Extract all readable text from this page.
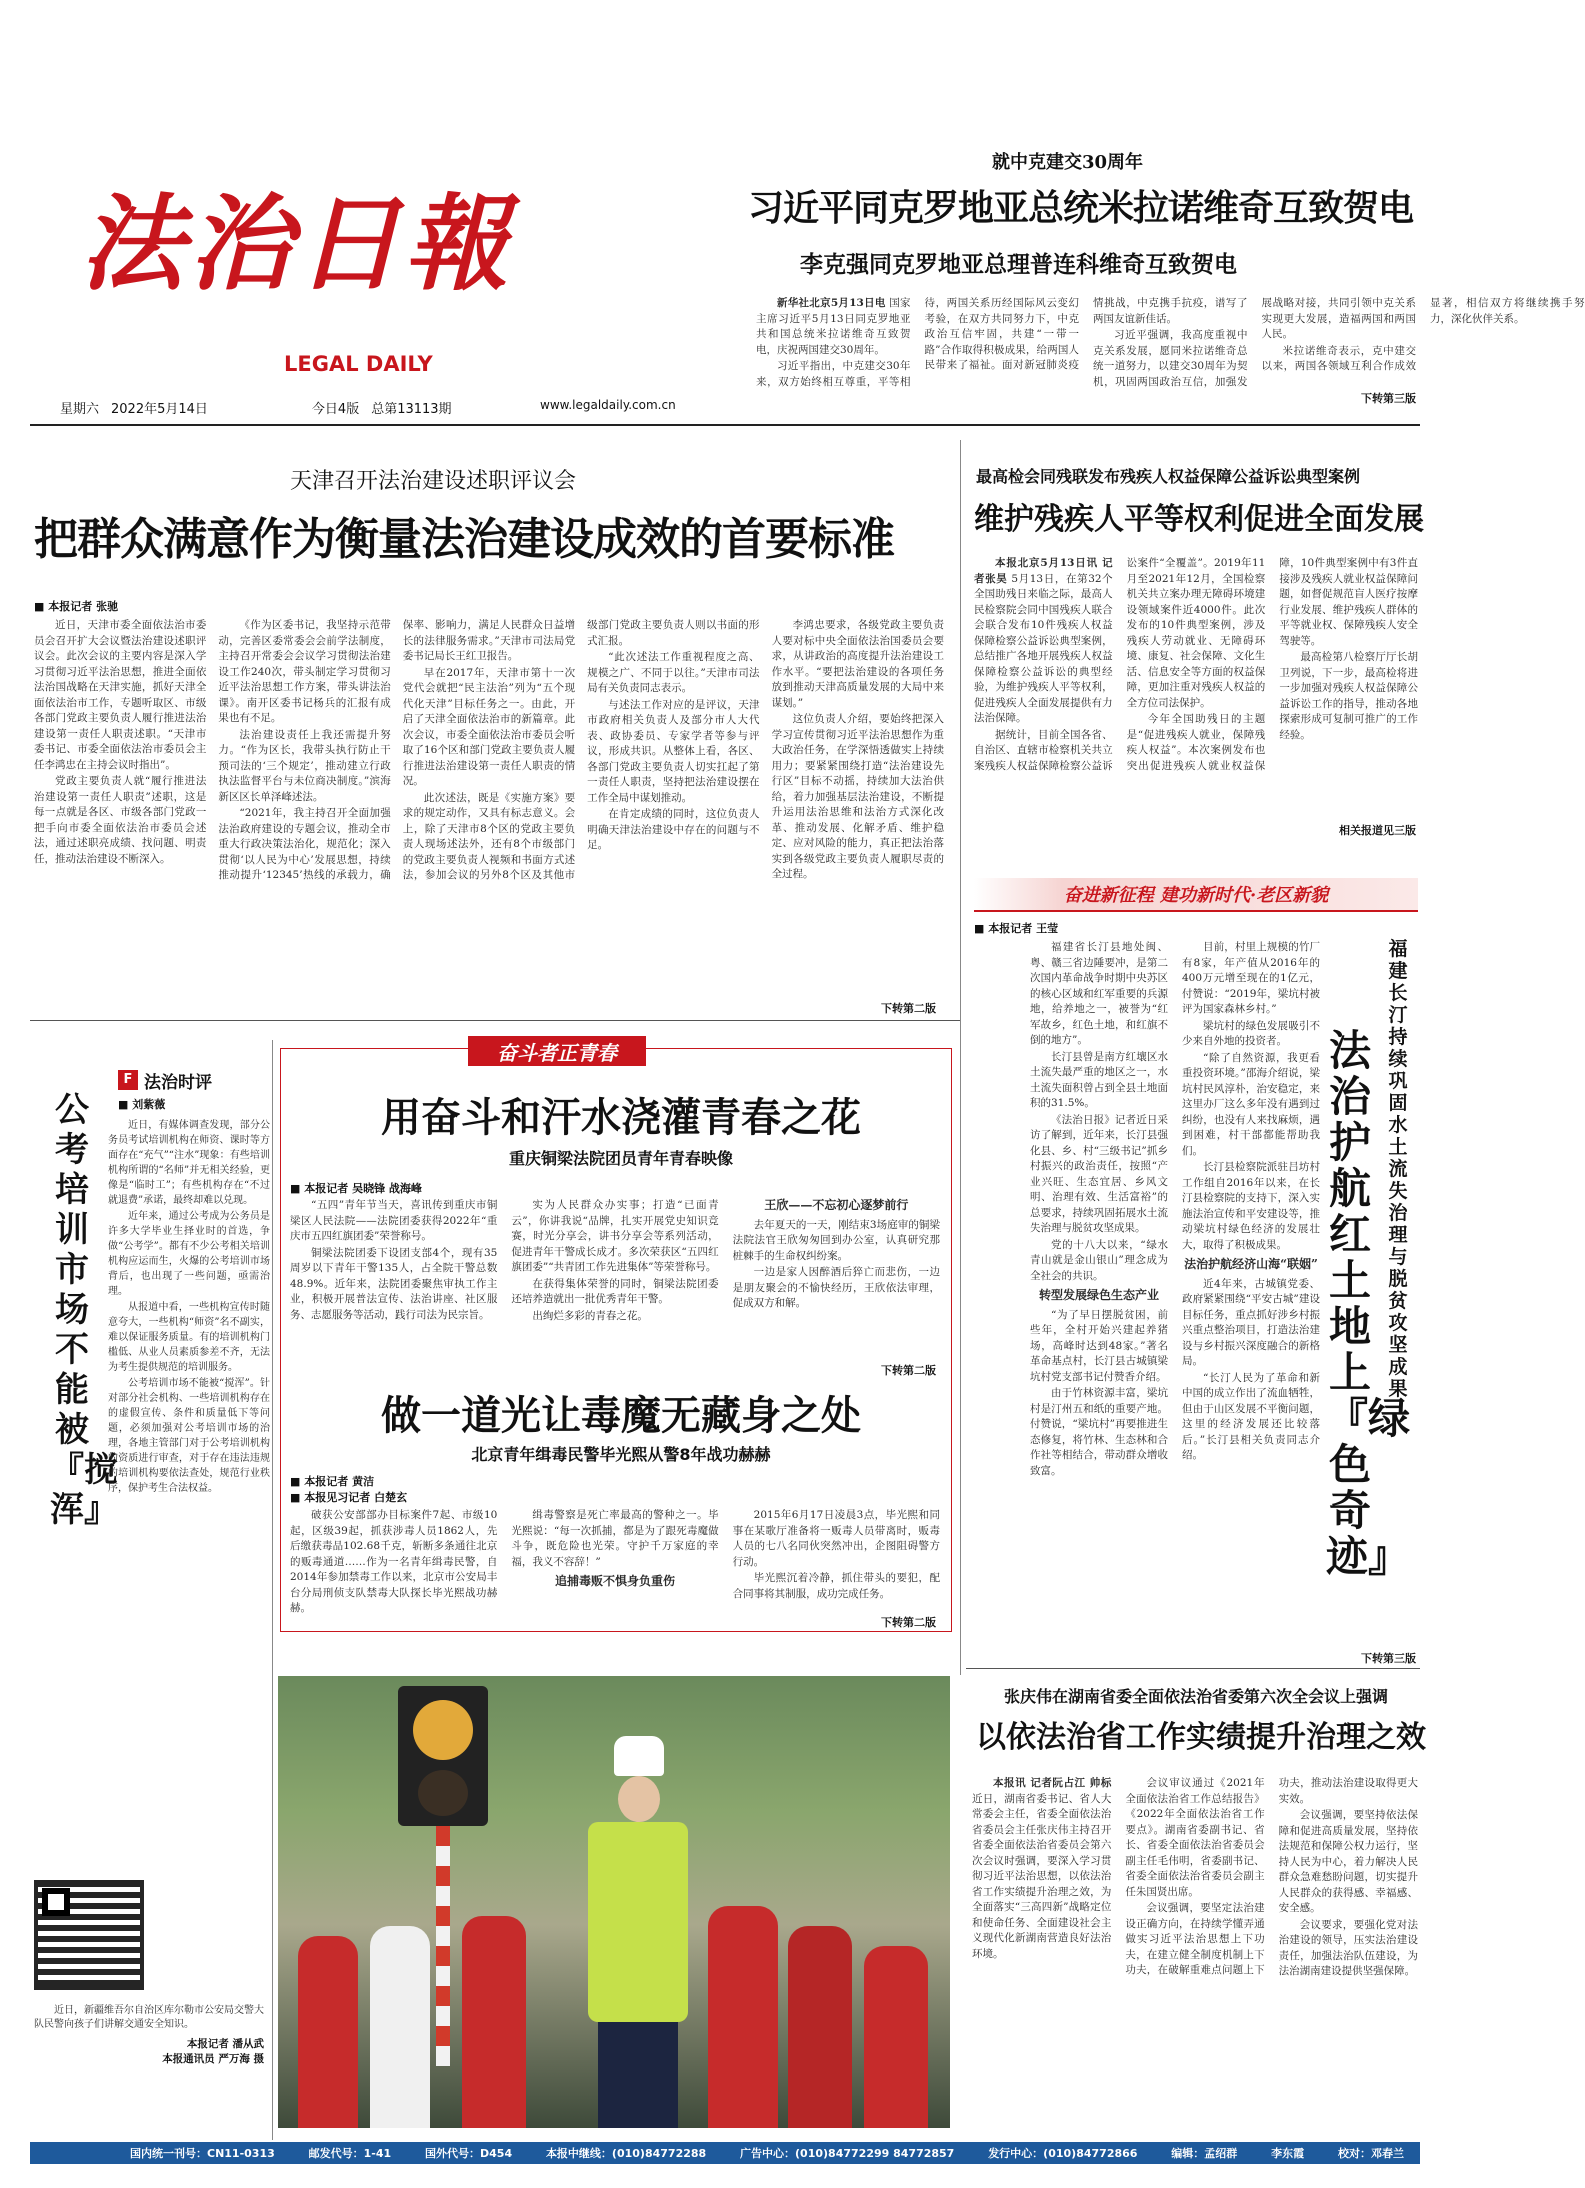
法治日報
LEGAL DAILY
星期六 2022年5月14日	今日4版 总第13113期	www.legaldaily.com.cn
就中克建交30周年
习近平同克罗地亚总统米拉诺维奇互致贺电
李克强同克罗地亚总理普连科维奇互致贺电

新华社北京5月13日电 国家主席习近平5月13日同克罗地亚共和国总统米拉诺维奇互致贺电，庆祝两国建交30周年。

习近平指出，中克建交30年来，双方始终相互尊重，平等相待，两国关系历经国际风云变幻考验，在双方共同努力下，中克政治互信牢固，共建“一带一路”合作取得积极成果，给两国人民带来了福祉。面对新冠肺炎疫情挑战，中克携手抗疫，谱写了两国友谊新佳话。

习近平强调，我高度重视中克关系发展，愿同米拉诺维奇总统一道努力，以建交30周年为契机，巩固两国政治互信，加强发展战略对接，共同引领中克关系实现更大发展，造福两国和两国人民。

米拉诺维奇表示，克中建交以来，两国各领域互利合作成效显著，相信双方将继续携手努力，深化伙伴关系。

下转第三版
天津召开法治建设述职评议会
把群众满意作为衡量法治建设成效的首要标准
■ 本报记者 张驰

近日，天津市委全面依法治市委员会召开扩大会议暨法治建设述职评议会。此次会议的主要内容是深入学习贯彻习近平法治思想，推进全面依法治国战略在天津实施，抓好天津全面依法治市工作，专题听取区、市级各部门党政主要负责人履行推进法治建设第一责任人职责述职。“天津市委书记、市委全面依法治市委员会主任李鸿忠在主持会议时指出”。

党政主要负责人就“履行推进法治建设第一责任人职责”述职，这是每一点就是各区、市级各部门党政一把手向市委全面依法治市委员会述法，通过述职亮成绩、找问题、明责任，推动法治建设不断深入。

《作为区委书记，我坚持示范带动，完善区委常委会会前学法制度，主持召开常委会会议学习贯彻法治建设工作240次，带头制定学习贯彻习近平法治思想工作方案，带头讲法治课》。南开区委书记杨兵的汇报有成果也有不足。

法治建设责任上我还需提升努力。“作为区长，我带头执行防止干预司法的‘三个规定’，推动建立行政执法监督平台与未位商决制度。”滨海新区区长单泽峰述法。

“2021年，我主持召开全面加强法治政府建设的专题会议，推动全市重大行政决策法治化，规范化；深入贯彻‘以人民为中心’发展思想，持续推动提升‘12345’热线的承载力，确保率、影响力，满足人民群众日益增长的法律服务需求。”天津市司法局党委书记局长王红卫报告。

早在2017年，天津市第十一次党代会就把“民主法治”列为“五个现代化天津”目标任务之一。由此，开启了天津全面依法治市的新篇章。此次会议，市委全面依法治市委员会听取了16个区和部门党政主要负责人履行推进法治建设第一责任人职责的情况。

此次述法，既是《实施方案》要求的规定动作，又具有标志意义。会上，除了天津市8个区的党政主要负责人现场述法外，还有8个市级部门的党政主要负责人视频和书面方式述法，参加会议的另外8个区及其他市级部门党政主要负责人则以书面的形式汇报。

“此次述法工作重视程度之高、规模之广、不同于以往。”天津市司法局有关负责同志表示。

与述法工作对应的是评议，天津市政府相关负责人及部分市人大代表、政协委员、专家学者等参与评议，形成共识。从整体上看，各区、各部门党政主要负责人切实扛起了第一责任人职责，坚持把法治建设摆在工作全局中谋划推动。

在肯定成绩的同时，这位负责人明确天津法治建设中存在的问题与不足。

李鸿忠要求，各级党政主要负责人要对标中央全面依法治国委员会要求，从讲政治的高度提升法治建设工作水平。“要把法治建设的各项任务放到推动天津高质量发展的大局中来谋划。”

这位负责人介绍，要始终把深入学习宣传贯彻习近平法治思想作为重大政治任务，在学深悟透做实上持续用力；要紧紧围绕打造“法治建设先行区”目标不动摇，持续加大法治供给，着力加强基层法治建设，不断提升运用法治思维和法治方式深化改革、推动发展、化解矛盾、维护稳定、应对风险的能力，真正把法治落实到各级党政主要负责人履职尽责的全过程。

下转第二版
最高检会同残联发布残疾人权益保障公益诉讼典型案例
维护残疾人平等权利促进全面发展

本报北京5月13日讯 记者张昊 5月13日，在第32个全国助残日来临之际，最高人民检察院会同中国残疾人联合会联合发布10件残疾人权益保障检察公益诉讼典型案例，总结推广各地开展残疾人权益保障检察公益诉讼的典型经验，为维护残疾人平等权利，促进残疾人全面发展提供有力法治保障。

据统计，目前全国各省、自治区、直辖市检察机关共立案残疾人权益保障检察公益诉讼案件“全覆盖”。2019年11月至2021年12月，全国检察机关共立案办理无障碍环境建设领域案件近4000件。此次发布的10件典型案例，涉及残疾人劳动就业、无障碍环境、康复、社会保障、文化生活、信息安全等方面的权益保障，更加注重对残疾人权益的全方位司法保护。

今年全国助残日的主题是“促进残疾人就业，保障残疾人权益”。本次案例发布也突出促进残疾人就业权益保障，10件典型案例中有3件直接涉及残疾人就业权益保障问题，如督促规范盲人医疗按摩行业发展、维护残疾人群体的平等就业权、保障残疾人安全驾驶等。

最高检第八检察厅厅长胡卫列说，下一步，最高检将进一步加强对残疾人权益保障公益诉讼工作的指导，推动各地探索形成可复制可推广的工作经验。

相关报道见三版
奋进新征程 建功新时代·老区新貌
■ 本报记者 王莹

福建省长汀县地处闽、粤、赣三省边陲要冲，是第二次国内革命战争时期中央苏区的核心区域和红军重要的兵源地，给养地之一，被誉为“红军故乡，红色土地，和红旗不倒的地方”。

长汀县曾是南方红壤区水土流失最严重的地区之一，水土流失面积曾占到全县土地面积的31.5%。

《法治日报》记者近日采访了解到，近年来，长汀县强化县、乡、村“三级书记”抓乡村振兴的政治责任，按照“产业兴旺、生态宜居、乡风文明、治理有效、生活富裕”的总要求，持续巩固拓展水土流失治理与脱贫攻坚成果。

党的十八大以来，“绿水青山就是金山银山”理念成为全社会的共识。

转型发展绿色生态产业

“为了早日摆脱贫困，前些年，全村开始兴建起养猪场，高峰时达到48家。”著名革命基点村，长汀县古城镇梁坑村党支部书记付赞香介绍。

由于竹林资源丰富，梁坑村是汀州五和纸的重要产地。付赞说，“梁坑村”再要推进生态修复，将竹林、生态林和合作社等相结合，带动群众增收致富。

目前，村里上规模的竹厂有8家，年产值从2016年的400万元增至现在的1亿元，付赞说：“2019年，梁坑村被评为国家森林乡村。”

梁坑村的绿色发展吸引不少来自外地的投资者。

“除了自然资源，我更看重投资环境。”邵海介绍说，梁坑村民风淳朴，治安稳定，来这里办厂这么多年没有遇到过纠纷，也没有人来找麻烦，遇到困难，村干部都能帮助我们。

长汀县检察院派驻吕坊村工作组自2016年以来，在长汀县检察院的支持下，深入实施法治宣传和平安建设等，推动梁坑村绿色经济的发展壮大，取得了积极成果。

法治护航经济山海“联姻”

近4年来，古城镇党委、政府紧紧围绕“平安古城”建设目标任务，重点抓好涉乡村振兴重点整治项目，打造法治建设与乡村振兴深度融合的新格局。

“长汀人民为了革命和新中国的成立作出了流血牺牲，但由于山区发展不平衡问题，这里的经济发展还比较落后。”长汀县相关负责同志介绍。

法治护航红土地上『绿色奇迹』
福建长汀持续巩固水土流失治理与脱贫攻坚成果
下转第三版
F 法治时评
■ 刘紫薇
公考培训市场不能被『搅浑』

近日，有媒体调查发现，部分公务员考试培训机构在师资、课时等方面存在“充气”“注水”现象：有些培训机构所谓的“名师”并无相关经验，更像是“临时工”；有些机构存在“不过就退费”承诺，最终却难以兑现。

近年来，通过公考成为公务员是许多大学毕业生择业时的首选，争做“公考学”。都有不少公考相关培训机构应运而生，火爆的公考培训市场背后，也出现了一些问题，亟需治理。

从报道中看，一些机构宣传时随意夸大，一些机构“师资”名不副实，难以保证服务质量。有的培训机构门槛低、从业人员素质参差不齐，无法为考生提供规范的培训服务。

公考培训市场不能被“搅浑”。针对部分社会机构、一些培训机构存在的虚假宣传、条件和质量低下等问题，必须加强对公考培训市场的治理，各地主管部门对于公考培训机构的资质进行审查，对于存在违法违规的培训机构要依法查处，规范行业秩序，保护考生合法权益。

近日，新疆维吾尔自治区库尔勒市公安局交警大队民警向孩子们讲解交通安全知识。

本报记者 潘从武
本报通讯员 严万海 摄
奋斗者正青春
用奋斗和汗水浇灌青春之花
重庆铜梁法院团员青年青春映像
■ 本报记者 吴晓锋 战海峰

“五四”青年节当天，喜讯传到重庆市铜梁区人民法院——法院团委获得2022年“重庆市五四红旗团委”荣誉称号。

铜梁法院团委下设团支部4个，现有35周岁以下青年干警135人，占全院干警总数48.9%。近年来，法院团委聚焦审执工作主业，积极开展普法宣传、法治讲座、社区服务、志愿服务等活动，践行司法为民宗旨。

实为人民群众办实事；打造“已面青云”，你讲我说“品牌，扎实开展党史知识竞赛，时光分享会，讲书分享会等系列活动，促进青年干警成长成才。多次荣获区“五四红旗团委”“共青团工作先进集体”等荣誉称号。

在获得集体荣誉的同时，铜梁法院团委还培养造就出一批优秀青年干警。

出绚烂多彩的青春之花。

王欣——不忘初心逐梦前行

去年夏天的一天，刚结束3场庭审的铜梁法院法官王欣匆匆回到办公室，认真研究那桩棘手的生命权纠纷案。

一边是家人因醉酒后猝亡而悲伤，一边是朋友聚会的不愉快经历，王欣依法审理，促成双方和解。

下转第二版
做一道光让毒魔无藏身之处
北京青年缉毒民警毕光熙从警8年战功赫赫
■ 本报记者 黄洁
■ 本报见习记者 白楚玄

破获公安部部办目标案件7起、市级10起，区级39起，抓获涉毒人员1862人，先后缴获毒品102.68千克，斩断多条通往北京的贩毒通道……作为一名青年缉毒民警，自2014年参加禁毒工作以来，北京市公安局丰台分局刑侦支队禁毒大队探长毕光熙战功赫赫。

缉毒警察是死亡率最高的警种之一。毕光熙说：“每一次抓捕，都是为了跟死毒魔做斗争，既危险也光荣。守护千万家庭的幸福，我义不容辞！”

追捕毒贩不惧身负重伤

2015年6月17日凌晨3点，毕光熙和同事在某歌厅准备将一贩毒人员带离时，贩毒人员的七八名同伙突然冲出，企图阻碍警方行动。

毕光熙沉着冷静，抓住带头的要犯，配合同事将其制服，成功完成任务。

下转第二版
张庆伟在湖南省委全面依法治省委第六次全会议上强调
以依法治省工作实绩提升治理之效

本报讯 记者阮占江 帅标 近日，湖南省委书记、省人大常委会主任，省委全面依法治省委员会主任张庆伟主持召开省委全面依法治省委员会第六次会议时强调，要深入学习贯彻习近平法治思想，以依法治省工作实绩提升治理之效，为全面落实“三高四新”战略定位和使命任务、全面建设社会主义现代化新湖南营造良好法治环境。

会议审议通过《2021年全面依法治省工作总结报告》《2022年全面依法治省工作要点》。湖南省委副书记、省长、省委全面依法治省委员会副主任毛伟明，省委副书记、省委全面依法治省委员会副主任朱国贤出席。

会议强调，要坚定法治建设正确方向，在持续学懂弄通做实习近平法治思想上下功夫，在建立健全制度机制上下功夫，在破解重难点问题上下功夫，推动法治建设取得更大实效。

会议强调，要坚持依法保障和促进高质量发展，坚持依法规范和保障公权力运行，坚持人民为中心，着力解决人民群众急难愁盼问题，切实提升人民群众的获得感、幸福感、安全感。

会议要求，要强化党对法治建设的领导，压实法治建设责任，加强法治队伍建设，为法治湖南建设提供坚强保障。

国内统一刊号：CN11-0313	邮发代号：1-41	国外代号：D454	本报中继线：(010)84772288	广告中心：(010)84772299 84772857	发行中心：(010)84772866	编辑：孟绍群	李东霞	校对：邓春兰
